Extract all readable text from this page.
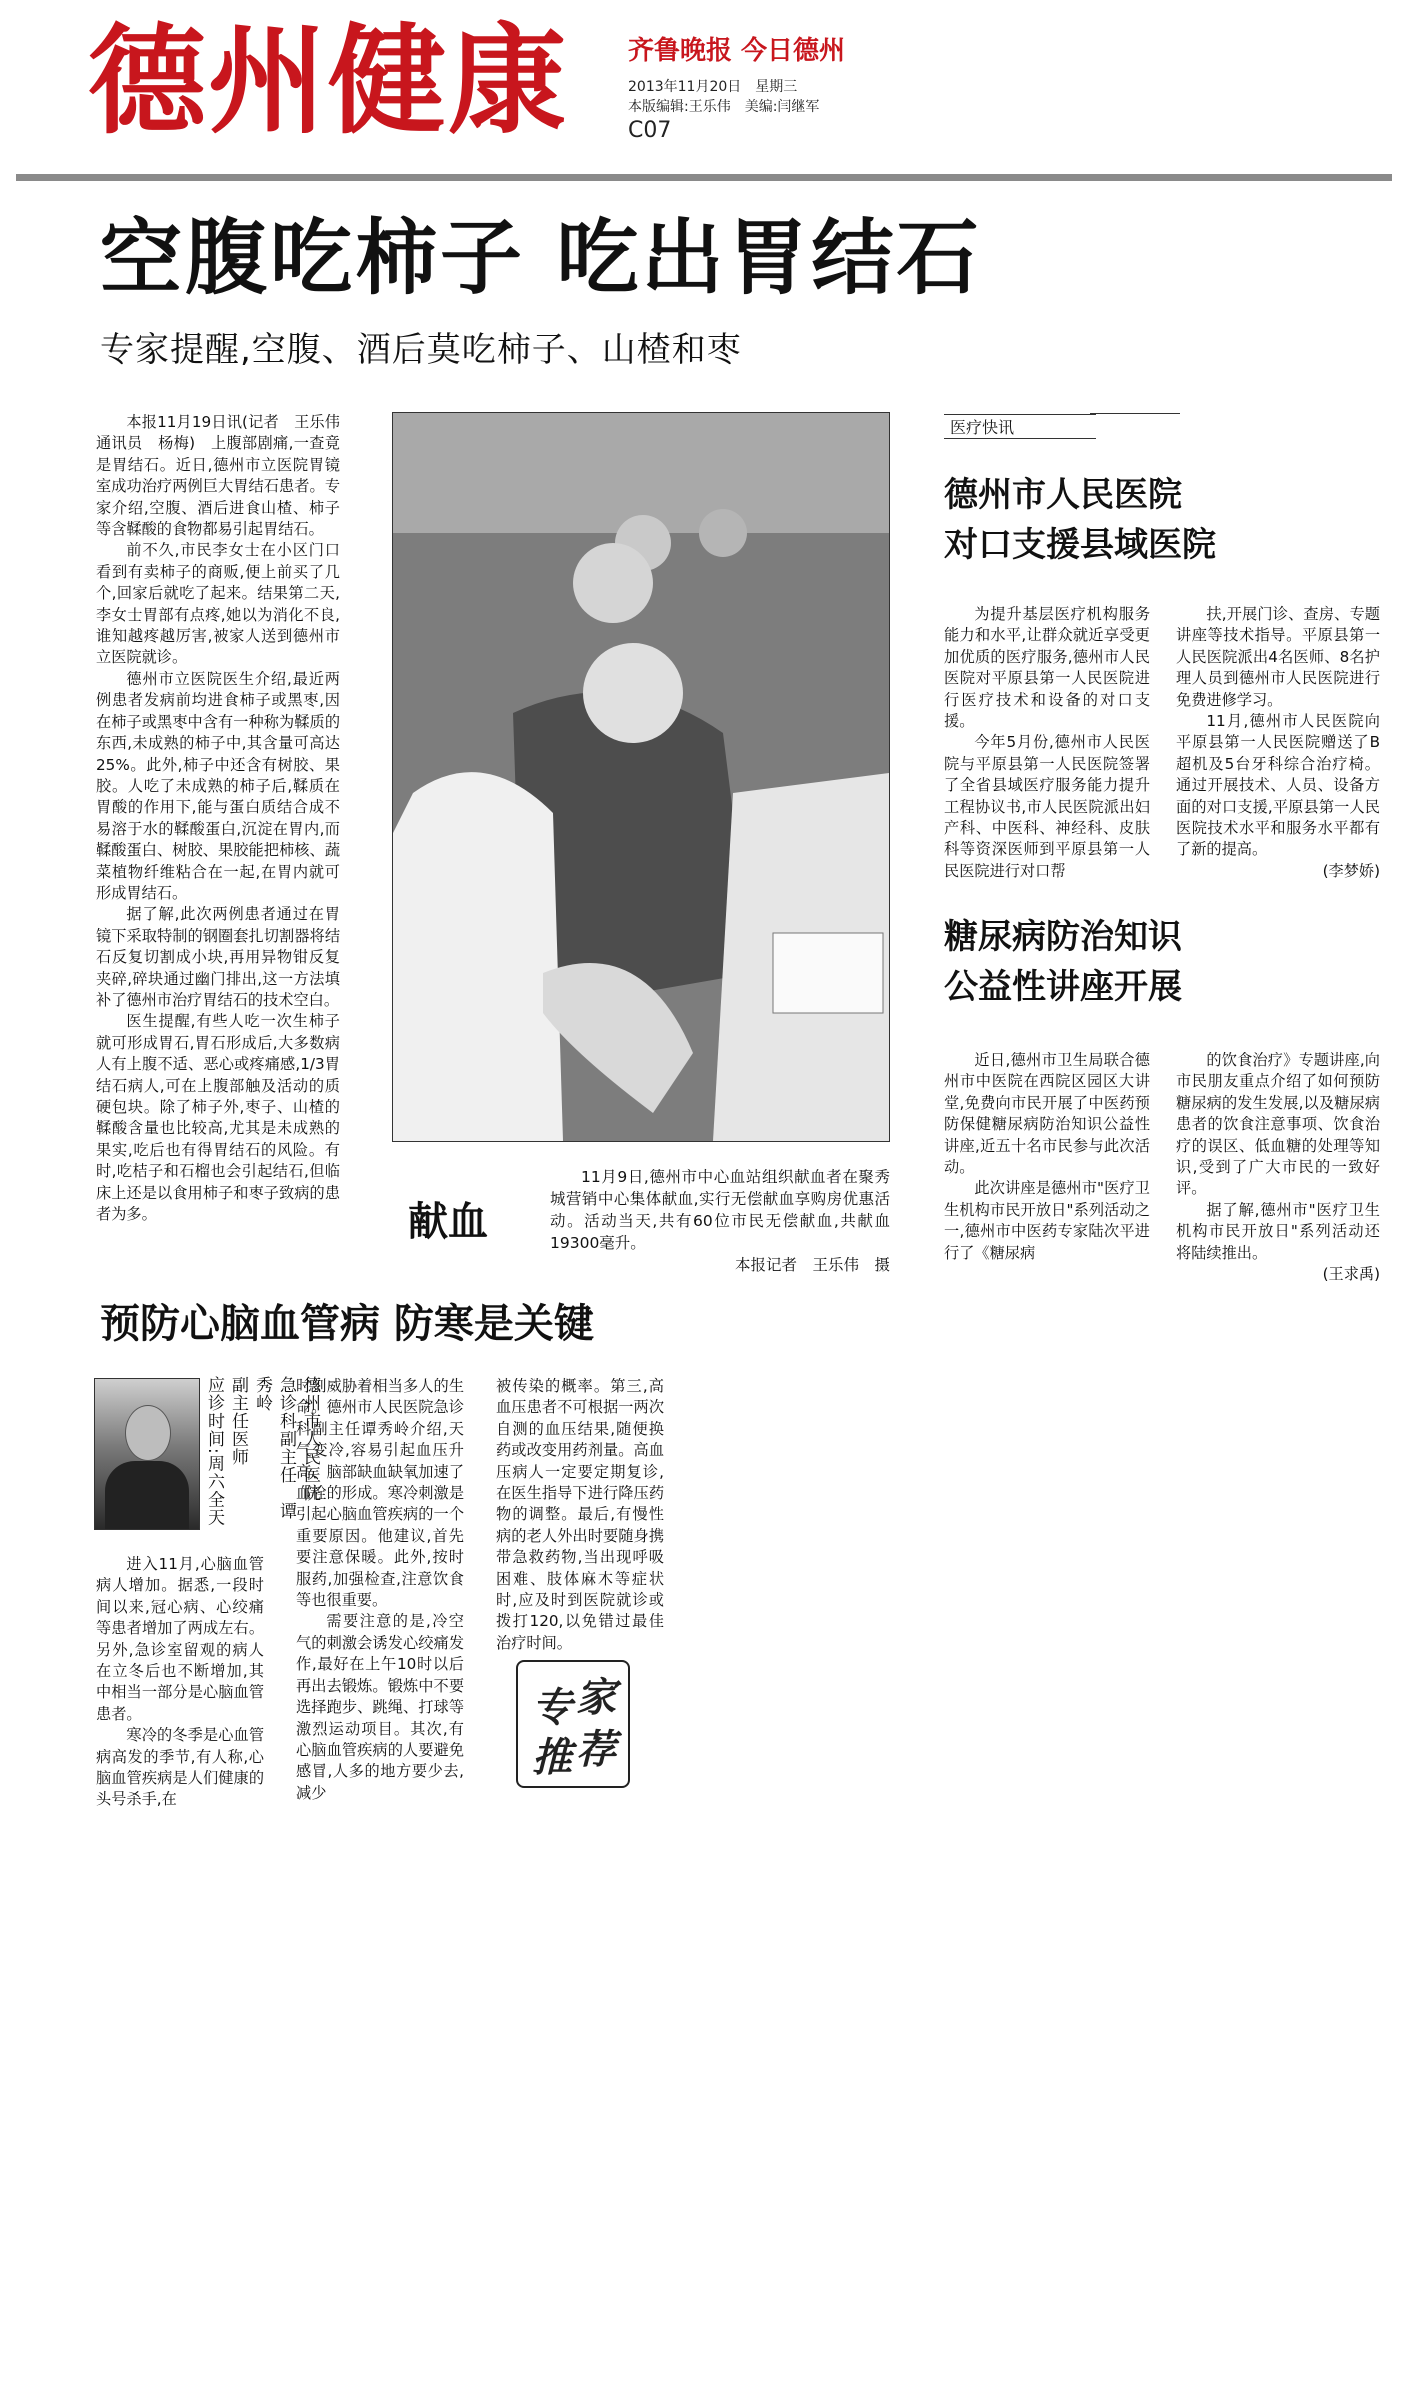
德州健康 齐鲁晚报 今日德州
2013年11月20日　星期三
本版编辑:王乐伟　美编:闫继军
C07
空腹吃柿子 吃出胃结石
专家提醒,空腹、酒后莫吃柿子、山楂和枣

本报11月19日讯(记者　王乐伟　通讯员　杨梅)　上腹部剧痛,一查竟是胃结石。近日,德州市立医院胃镜室成功治疗两例巨大胃结石患者。专家介绍,空腹、酒后进食山楂、柿子等含鞣酸的食物都易引起胃结石。

前不久,市民李女士在小区门口看到有卖柿子的商贩,便上前买了几个,回家后就吃了起来。结果第二天,李女士胃部有点疼,她以为消化不良,谁知越疼越厉害,被家人送到德州市立医院就诊。

德州市立医院医生介绍,最近两例患者发病前均进食柿子或黑枣,因在柿子或黑枣中含有一种称为鞣质的东西,未成熟的柿子中,其含量可高达25%。此外,柿子中还含有树胶、果胶。人吃了未成熟的柿子后,鞣质在胃酸的作用下,能与蛋白质结合成不易溶于水的鞣酸蛋白,沉淀在胃内,而鞣酸蛋白、树胶、果胶能把柿核、蔬菜植物纤维粘合在一起,在胃内就可形成胃结石。

据了解,此次两例患者通过在胃镜下采取特制的钢圈套扎切割器将结石反复切割成小块,再用异物钳反复夹碎,碎块通过幽门排出,这一方法填补了德州市治疗胃结石的技术空白。

医生提醒,有些人吃一次生柿子就可形成胃石,胃石形成后,大多数病人有上腹不适、恶心或疼痛感,1/3胃结石病人,可在上腹部触及活动的质硬包块。除了柿子外,枣子、山楂的鞣酸含量也比较高,尤其是未成熟的果实,吃后也有得胃结石的风险。有时,吃桔子和石榴也会引起结石,但临床上还是以食用柿子和枣子致病的患者为多。	献血

11月9日,德州市中心血站组织献血者在聚秀城营销中心集体献血,实行无偿献血享购房优惠活动。活动当天,共有60位市民无偿献血,共献血19300毫升。

本报记者　王乐伟　摄
医疗快讯
德州市人民医院
对口支援县域医院

为提升基层医疗机构服务能力和水平,让群众就近享受更加优质的医疗服务,德州市人民医院对平原县第一人民医院进行医疗技术和设备的对口支援。

今年5月份,德州市人民医院与平原县第一人民医院签署了全省县域医疗服务能力提升工程协议书,市人民医院派出妇产科、中医科、神经科、皮肤科等资深医师到平原县第一人民医院进行对口帮

扶,开展门诊、查房、专题讲座等技术指导。平原县第一人民医院派出4名医师、8名护理人员到德州市人民医院进行免费进修学习。

11月,德州市人民医院向平原县第一人民医院赠送了B超机及5台牙科综合治疗椅。通过开展技术、人员、设备方面的对口支援,平原县第一人民医院技术水平和服务水平都有了新的提高。

(李梦娇)
糖尿病防治知识
公益性讲座开展

近日,德州市卫生局联合德州市中医院在西院区园区大讲堂,免费向市民开展了中医药预防保健糖尿病防治知识公益性讲座,近五十名市民参与此次活动。

此次讲座是德州市"医疗卫生机构市民开放日"系列活动之一,德州市中医药专家陆次平进行了《糖尿病

的饮食治疗》专题讲座,向市民朋友重点介绍了如何预防糖尿病的发生发展,以及糖尿病患者的饮食注意事项、饮食治疗的误区、低血糖的处理等知识,受到了广大市民的一致好评。

据了解,德州市"医疗卫生机构市民开放日"系列活动还将陆续推出。

(王求禹)
预防心脑血管病 防寒是关键
德州市人民医院
急诊科副主任　谭秀岭
副主任医师
应诊时间:周六全天

进入11月,心脑血管病人增加。据悉,一段时间以来,冠心病、心绞痛等患者增加了两成左右。另外,急诊室留观的病人在立冬后也不断增加,其中相当一部分是心脑血管患者。

寒冷的冬季是心血管病高发的季节,有人称,心脑血管疾病是人们健康的头号杀手,在

时刻威胁着相当多人的生命。德州市人民医院急诊科副主任谭秀岭介绍,天气变冷,容易引起血压升高、脑部缺血缺氧加速了血栓的形成。寒冷刺激是引起心脑血管疾病的一个重要原因。他建议,首先要注意保暖。此外,按时服药,加强检查,注意饮食等也很重要。

需要注意的是,冷空气的刺激会诱发心绞痛发作,最好在上午10时以后再出去锻炼。锻炼中不要选择跑步、跳绳、打球等激烈运动项目。其次,有心脑血管疾病的人要避免感冒,人多的地方要少去,减少

被传染的概率。第三,高血压患者不可根据一两次自测的血压结果,随便换药或改变用药剂量。高血压病人一定要定期复诊,在医生指导下进行降压药物的调整。最后,有慢性病的老人外出时要随身携带急救药物,当出现呼吸困难、肢体麻木等症状时,应及时到医院就诊或拨打120,以免错过最佳治疗时间。

专 家
推 荐
